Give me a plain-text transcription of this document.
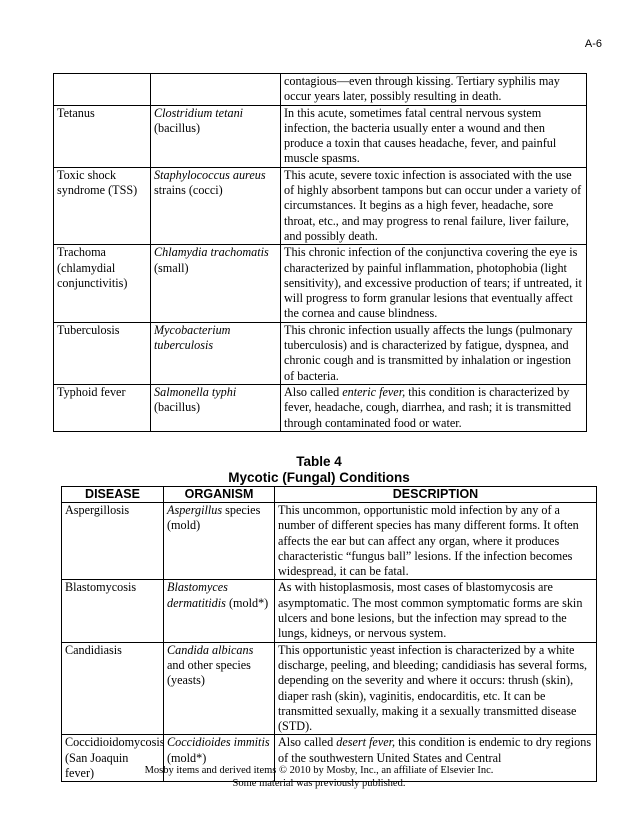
A-6
		contagious—even through kissing. Tertiary syphilis may occur years later, possibly resulting in death.
Tetanus	Clostridium tetani (bacillus)	In this acute, sometimes fatal central nervous system infection, the bacteria usually enter a wound and then produce a toxin that causes headache, fever, and painful muscle spasms.
Toxic shock syndrome (TSS)	Staphylococcus aureus strains (cocci)	This acute, severe toxic infection is associated with the use of highly absorbent tampons but can occur under a variety of circumstances. It begins as a high fever, headache, sore throat, etc., and may progress to renal failure, liver failure, and possibly death.
Trachoma (chlamydial conjunctivitis)	Chlamydia trachomatis (small)	This chronic infection of the conjunctiva covering the eye is characterized by painful inflammation, photophobia (light sensitivity), and excessive production of tears; if untreated, it will progress to form granular lesions that eventually affect the cornea and cause blindness.
Tuberculosis	Mycobacterium tuberculosis	This chronic infection usually affects the lungs (pulmonary tuberculosis) and is characterized by fatigue, dyspnea, and chronic cough and is transmitted by inhalation or ingestion of bacteria.
Typhoid fever	Salmonella typhi (bacillus)	Also called enteric fever, this condition is characterized by fever, headache, cough, diarrhea, and rash; it is transmitted through contaminated food or water.
Table 4
Mycotic (Fungal) Conditions
DISEASE	ORGANISM	DESCRIPTION
Aspergillosis	Aspergillus species (mold)	This uncommon, opportunistic mold infection by any of a number of different species has many different forms. It often affects the ear but can affect any organ, where it produces characteristic “fungus ball” lesions. If the infection becomes widespread, it can be fatal.
Blastomycosis	Blastomyces dermatitidis (mold*)	As with histoplasmosis, most cases of blastomycosis are asymptomatic. The most common symptomatic forms are skin ulcers and bone lesions, but the infection may spread to the lungs, kidneys, or nervous system.
Candidiasis	Candida albicans and other species (yeasts)	This opportunistic yeast infection is characterized by a white discharge, peeling, and bleeding; candidiasis has several forms, depending on the severity and where it occurs: thrush (skin), diaper rash (skin), vaginitis, endocarditis, etc. It can be transmitted sexually, making it a sexually transmitted disease (STD).
Coccidioidomycosis (San Joaquin fever)	Coccidioides immitis (mold*)	Also called desert fever, this condition is endemic to dry regions of the southwestern United States and Central
Mosby items and derived items © 2010 by Mosby, Inc., an affiliate of Elsevier Inc.
Some material was previously published.
